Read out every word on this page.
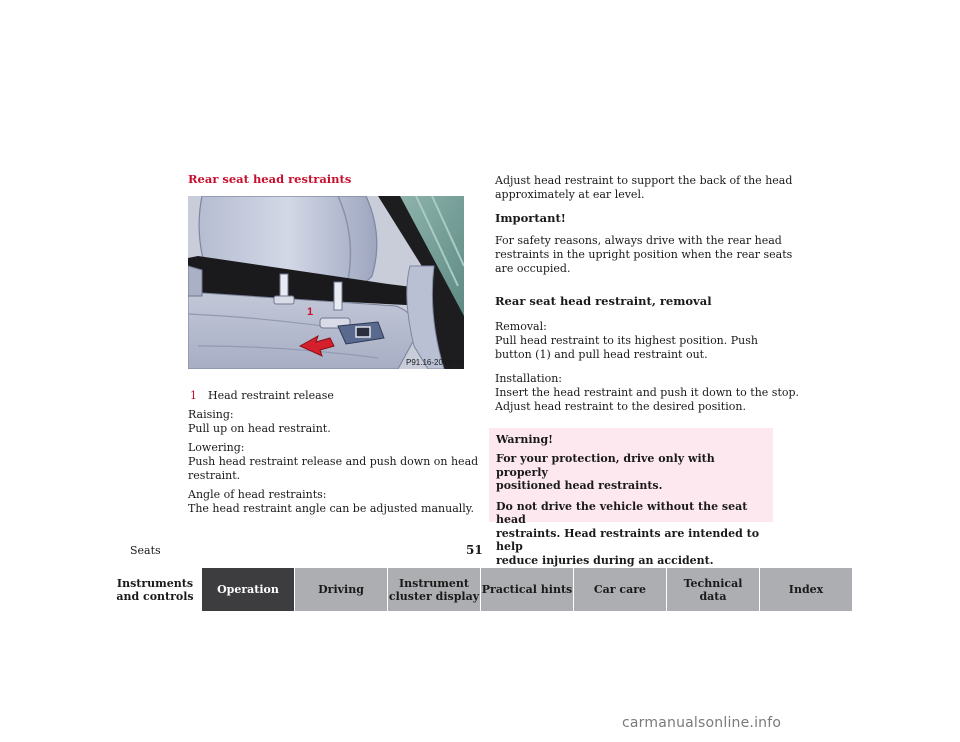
Rear seat head restraints
1
P91.16-2019-26
1 Head restraint release
Raising:
Pull up on head restraint.
Lowering:
Push head restraint release and push down on head
restraint.
Angle of head restraints:
The head restraint angle can be adjusted manually.
Adjust head restraint to support the back of the head
approximately at ear level.
Important!
For safety reasons, always drive with the rear head
restraints in the upright position when the rear seats
are occupied.
Rear seat head restraint, removal
Removal:
Pull head restraint to its highest position. Push
button (1) and pull head restraint out.
Installation:
Insert the head restraint and push it down to the stop.
Adjust head restraint to the desired position.
Warning!
For your protection, drive only with properly
positioned head restraints.
Do not drive the vehicle without the seat head
restraints. Head restraints are intended to help
reduce injuries during an accident.
Seats	51
Instruments
and controls Operation	Driving	Instrument
cluster display Practical hints Car care	Technical
data	Index
carmanualsonline.info
